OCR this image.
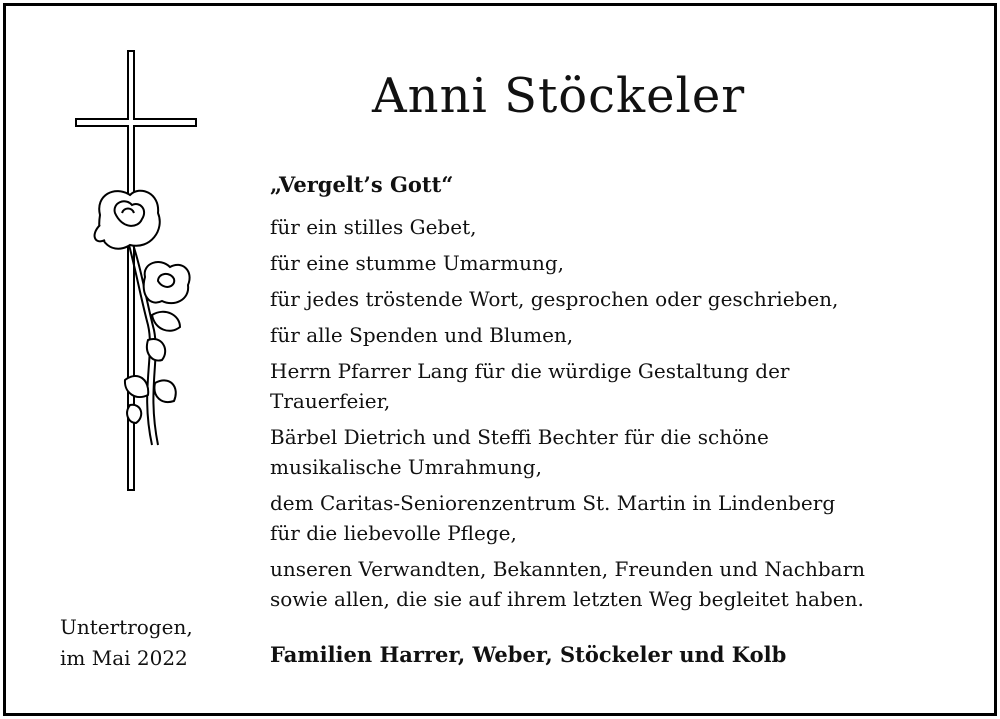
Anni Stöckeler
„Vergelt’s Gott“
für ein stilles Gebet,
für eine stumme Umarmung,
für jedes tröstende Wort, gesprochen oder geschrieben,
für alle Spenden und Blumen,
Herrn Pfarrer Lang für die würdige Gestaltung der
Trauerfeier,
Bärbel Dietrich und Steffi Bechter für die schöne
musikalische Umrahmung,
dem Caritas-Seniorenzentrum St. Martin in Lindenberg
für die liebevolle Pflege,
unseren Verwandten, Bekannten, Freunden und Nachbarn
sowie allen, die sie auf ihrem letzten Weg begleitet haben.
Untertrogen,
im Mai 2022	Familien Harrer, Weber, Stöckeler und Kolb
